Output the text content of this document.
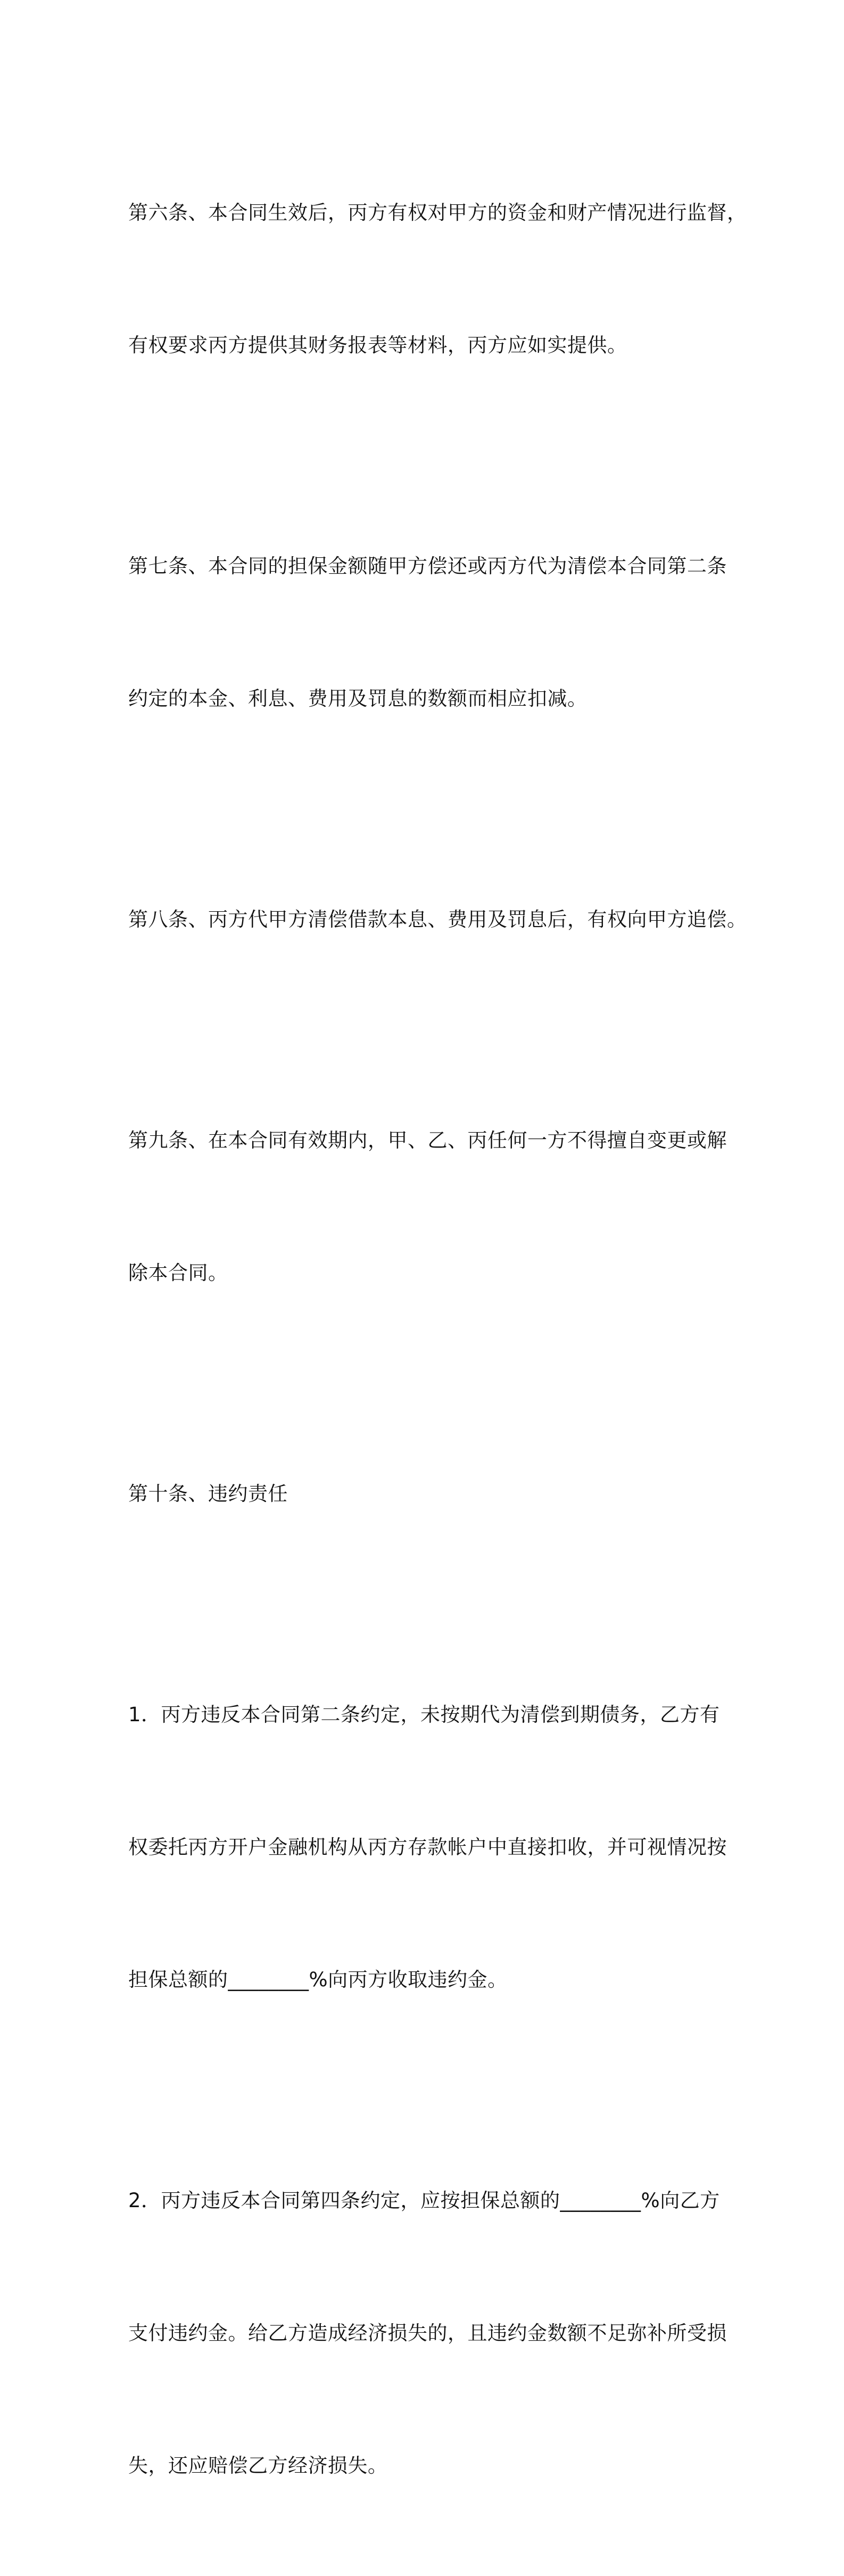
第六条、本合同生效后，丙方有权对甲方的资金和财产情况进行监督，

有权要求丙方提供其财务报表等材料，丙方应如实提供。

第七条、本合同的担保金额随甲方偿还或丙方代为清偿本合同第二条

约定的本金、利息、费用及罚息的数额而相应扣减。

第八条、丙方代甲方清偿借款本息、费用及罚息后，有权向甲方追偿。

第九条、在本合同有效期内，甲、乙、丙任何一方不得擅自变更或解

除本合同。

第十条、违约责任

1．丙方违反本合同第二条约定，未按期代为清偿到期债务，乙方有

权委托丙方开户金融机构从丙方存款帐户中直接扣收，并可视情况按

担保总额的________%向丙方收取违约金。

2．丙方违反本合同第四条约定，应按担保总额的________%向乙方

支付违约金。给乙方造成经济损失的，且违约金数额不足弥补所受损

失，还应赔偿乙方经济损失。
